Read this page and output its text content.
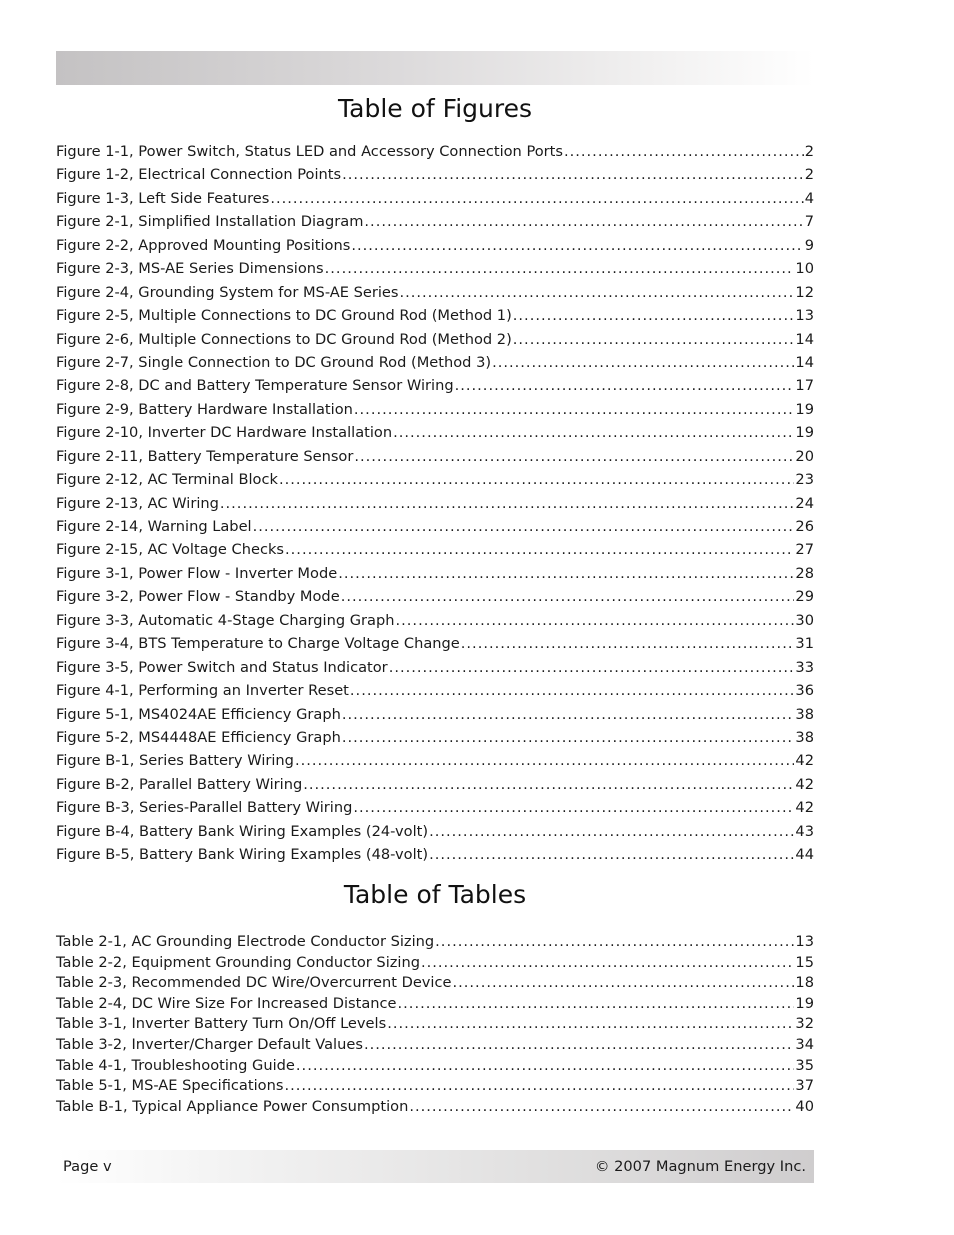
Table of Figures
Figure 1-1, Power Switch, Status LED and Accessory Connection Ports .....	2
Figure 1-2, Electrical Connection Points .....	2
Figure 1-3, Left Side Features .....	4
Figure 2-1, Simplified Installation Diagram .....	7
Figure 2-2, Approved Mounting Positions .....	9
Figure 2-3, MS-AE Series Dimensions .....	10
Figure 2-4, Grounding System for MS-AE Series .....	12
Figure 2-5, Multiple Connections to DC Ground Rod (Method 1) .....	13
Figure 2-6, Multiple Connections to DC Ground Rod (Method 2) .....	14
Figure 2-7, Single Connection to DC Ground Rod (Method 3) .....	14
Figure 2-8, DC and Battery Temperature Sensor Wiring .....	17
Figure 2-9, Battery Hardware Installation .....	19
Figure 2-10, Inverter DC Hardware Installation .....	19
Figure 2-11, Battery Temperature Sensor .....	20
Figure 2-12, AC Terminal Block .....	23
Figure 2-13, AC Wiring .....	24
Figure 2-14, Warning Label .....	26
Figure 2-15, AC Voltage Checks .....	27
Figure 3-1, Power Flow - Inverter Mode .....	28
Figure 3-2, Power Flow - Standby Mode .....	29
Figure 3-3, Automatic 4-Stage Charging Graph .....	30
Figure 3-4, BTS Temperature to Charge Voltage Change .....	31
Figure 3-5, Power Switch and Status Indicator .....	33
Figure 4-1, Performing an Inverter Reset .....	36
Figure 5-1, MS4024AE Efficiency Graph .....	38
Figure 5-2, MS4448AE Efficiency Graph .....	38
Figure B-1, Series Battery Wiring .....	42
Figure B-2, Parallel Battery Wiring .....	42
Figure B-3, Series-Parallel Battery Wiring .....	42
Figure B-4, Battery Bank Wiring Examples (24-volt) .....	43
Figure B-5, Battery Bank Wiring Examples (48-volt) .....	44
Table of Tables
Table 2-1, AC Grounding Electrode Conductor Sizing .....	13
Table 2-2, Equipment Grounding Conductor Sizing .....	15
Table 2-3, Recommended DC Wire/Overcurrent Device .....	18
Table 2-4, DC Wire Size For Increased Distance .....	19
Table 3-1, Inverter Battery Turn On/Off Levels .....	32
Table 3-2, Inverter/Charger Default Values .....	34
Table 4-1, Troubleshooting Guide .....	35
Table 5-1, MS-AE Specifications .....	37
Table B-1, Typical Appliance Power Consumption .....	40
Page v	© 2007 Magnum Energy Inc.
